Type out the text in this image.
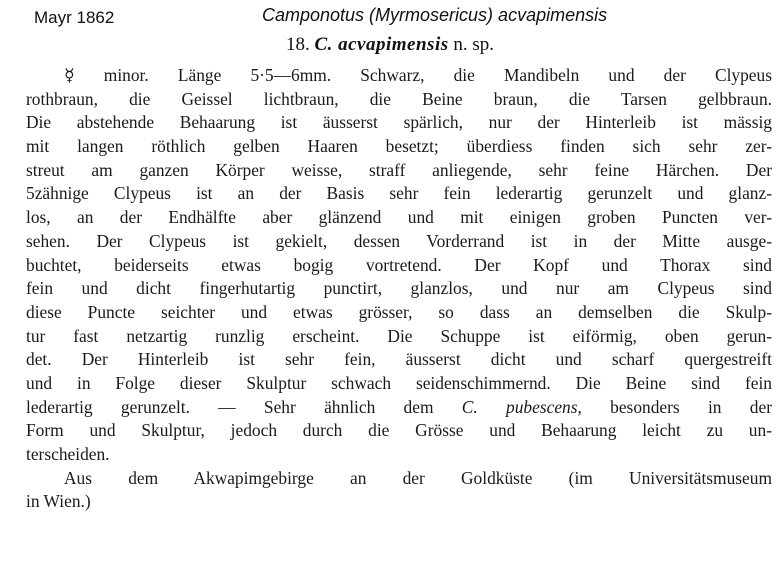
Mayr 1862	Camponotus (Myrmosericus) acvapimensis
18. C. acvapimensis n. sp.
☿ minor. Länge 5·5—6mm. Schwarz, die Mandibeln und der Clypeus
rothbraun, die Geissel lichtbraun, die Beine braun, die Tarsen gelbbraun.
Die abstehende Behaarung ist äusserst spärlich, nur der Hinterleib ist mässig
mit langen röthlich gelben Haaren besetzt; überdiess finden sich sehr zer-
streut am ganzen Körper weisse, straff anliegende, sehr feine Härchen. Der
5zähnige Clypeus ist an der Basis sehr fein lederartig gerunzelt und glanz-
los, an der Endhälfte aber glänzend und mit einigen groben Puncten ver-
sehen. Der Clypeus ist gekielt, dessen Vorderrand ist in der Mitte ausge-
buchtet, beiderseits etwas bogig vortretend. Der Kopf und Thorax sind
fein und dicht fingerhutartig punctirt, glanzlos, und nur am Clypeus sind
diese Puncte seichter und etwas grösser, so dass an demselben die Skulp-
tur fast netzartig runzlig erscheint. Die Schuppe ist eiförmig, oben gerun-
det. Der Hinterleib ist sehr fein, äusserst dicht und scharf quergestreift
und in Folge dieser Skulptur schwach seidenschimmernd. Die Beine sind fein
lederartig gerunzelt. — Sehr ähnlich dem C. pubescens, besonders in der
Form und Skulptur, jedoch durch die Grösse und Behaarung leicht zu un-
terscheiden.
Aus dem Akwapimgebirge an der Goldküste (im Universitätsmuseum
in Wien.)
